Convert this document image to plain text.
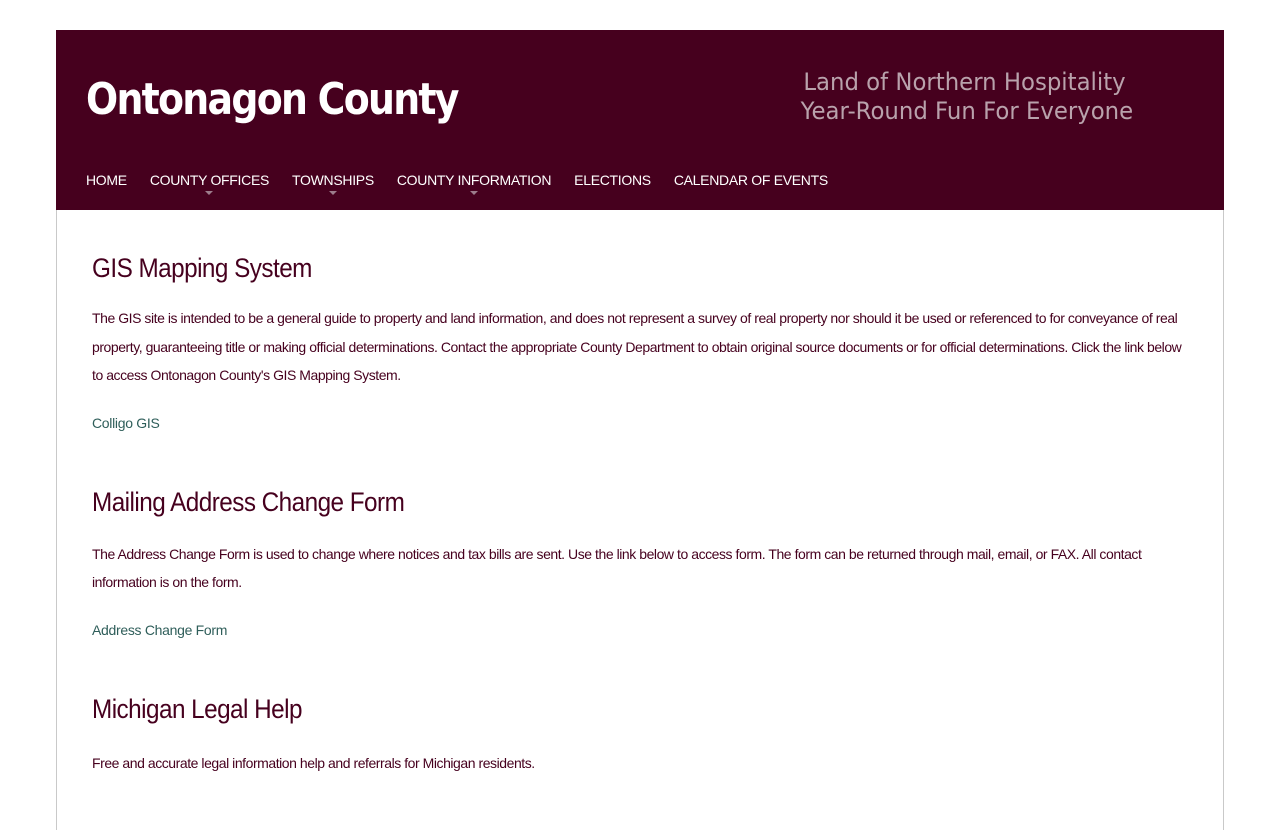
Ontonagon County	Land of Northern Hospitality
Year-Round Fun For Everyone
HOME COUNTY OFFICES TOWNSHIPS COUNTY INFORMATION ELECTIONS CALENDAR OF EVENTS
GIS Mapping System

The GIS site is intended to be a general guide to property and land information, and does not represent a survey of real property nor should it be used or referenced to for conveyance of real property, guaranteeing title or making official determinations. Contact the appropriate County Department to obtain original source documents or for official determinations. Click the link below to access Ontonagon County's GIS Mapping System.

Colligo GIS
Mailing Address Change Form

The Address Change Form is used to change where notices and tax bills are sent. Use the link below to access form. The form can be returned through mail, email, or FAX. All contact information is on the form.

Address Change Form
Michigan Legal Help

Free and accurate legal information help and referrals for Michigan residents.
